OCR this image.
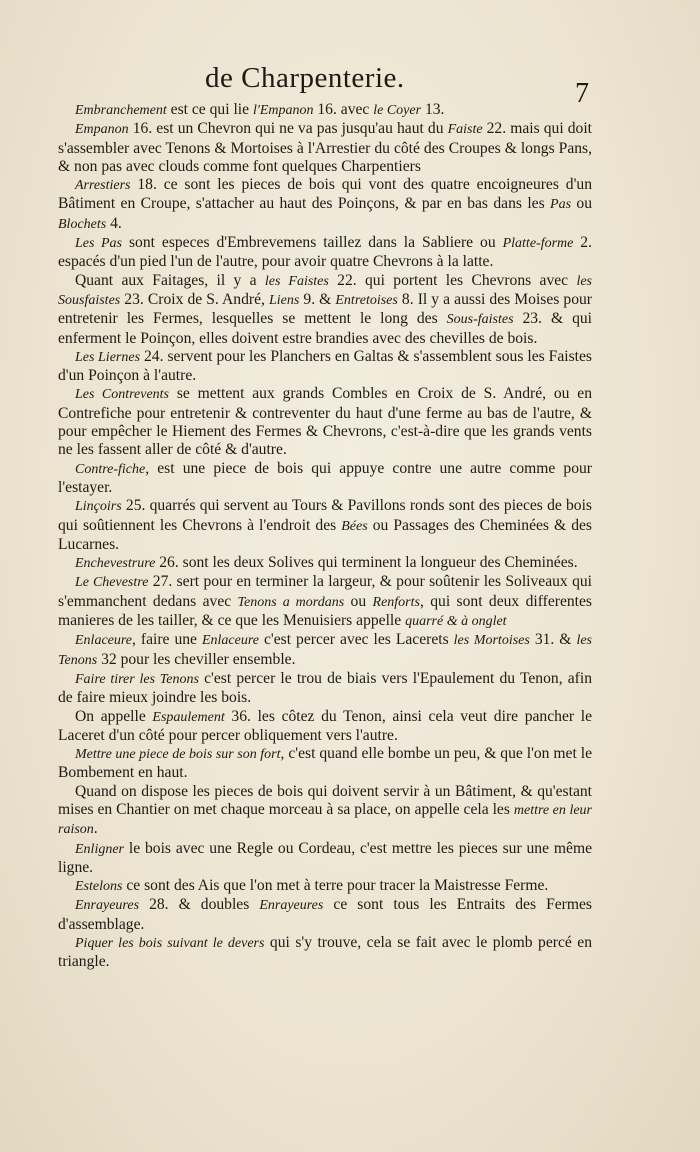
de Charpenterie.	7

Embranchement est ce qui lie l'Empanon 16. avec le Coyer 13.

Empanon 16. est un Chevron qui ne va pas jusqu'au haut du Faiste 22. mais qui doit s'assembler avec Tenons & Mortoises à l'Arrestier du côté des Croupes & longs Pans, & non pas avec clouds comme font quelques Charpentiers

Arrestiers 18. ce sont les pieces de bois qui vont des quatre encoigneures d'un Bâtiment en Croupe, s'attacher au haut des Poinçons, & par en bas dans les Pas ou Blochets 4.

Les Pas sont especes d'Embrevemens taillez dans la Sabliere ou Platte-forme 2. espacés d'un pied l'un de l'autre, pour avoir quatre Chevrons à la latte.

Quant aux Faitages, il y a les Faistes 22. qui portent les Chevrons avec les Sousfaistes 23. Croix de S. André, Liens 9. & Entretoises 8. Il y a aussi des Moises pour entretenir les Fermes, lesquelles se mettent le long des Sous-faistes 23. & qui enferment le Poinçon, elles doivent estre brandies avec des chevilles de bois.

Les Liernes 24. servent pour les Planchers en Galtas & s'assemblent sous les Faistes d'un Poinçon à l'autre.

Les Contrevents se mettent aux grands Combles en Croix de S. André, ou en Contrefiche pour entretenir & contreventer du haut d'une ferme au bas de l'autre, & pour empêcher le Hiement des Fermes & Chevrons, c'est-à-dire que les grands vents ne les fassent aller de côté & d'autre.

Contre-fiche, est une piece de bois qui appuye contre une autre comme pour l'estayer.

Linçoirs 25. quarrés qui servent au Tours & Pavillons ronds sont des pieces de bois qui soûtiennent les Chevrons à l'endroit des Bées ou Passages des Cheminées & des Lucarnes.

Enchevestrure 26. sont les deux Solives qui terminent la longueur des Cheminées.

Le Chevestre 27. sert pour en terminer la largeur, & pour soûtenir les Soliveaux qui s'emmanchent dedans avec Tenons a mordans ou Renforts, qui sont deux differentes manieres de les tailler, & ce que les Menuisiers appelle quarré & à onglet

Enlaceure, faire une Enlaceure c'est percer avec les Lacerets les Mortoises 31. & les Tenons 32 pour les cheviller ensemble.

Faire tirer les Tenons c'est percer le trou de biais vers l'Epaulement du Tenon, afin de faire mieux joindre les bois.

On appelle Espaulement 36. les côtez du Tenon, ainsi cela veut dire pancher le Laceret d'un côté pour percer obliquement vers l'autre.

Mettre une piece de bois sur son fort, c'est quand elle bombe un peu, & que l'on met le Bombement en haut.

Quand on dispose les pieces de bois qui doivent servir à un Bâtiment, & qu'estant mises en Chantier on met chaque morceau à sa place, on appelle cela les mettre en leur raison.

Enligner le bois avec une Regle ou Cordeau, c'est mettre les pieces sur une même ligne.

Estelons ce sont des Ais que l'on met à terre pour tracer la Maistresse Ferme.

Enrayeures 28. & doubles Enrayeures ce sont tous les Entraits des Fermes d'assemblage.

Piquer les bois suivant le devers qui s'y trouve, cela se fait avec le plomb percé en triangle.
